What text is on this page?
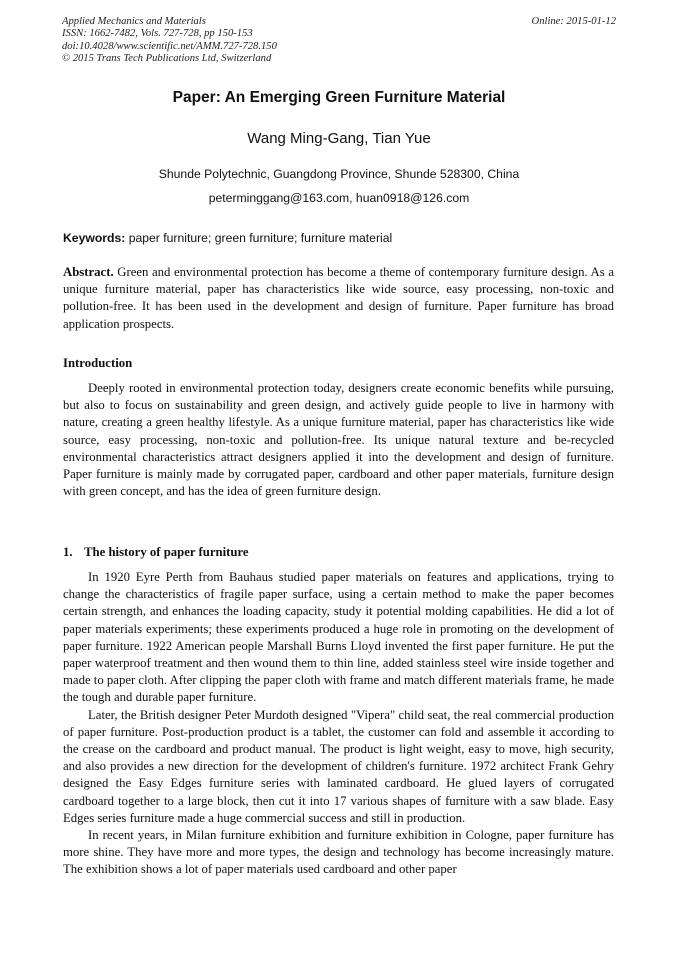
Applied Mechanics and Materials
ISSN: 1662-7482, Vols. 727-728, pp 150-153
doi:10.4028/www.scientific.net/AMM.727-728.150
© 2015 Trans Tech Publications Ltd, Switzerland
Online: 2015-01-12
Paper: An Emerging Green Furniture Material
Wang Ming-Gang, Tian Yue
Shunde Polytechnic, Guangdong Province, Shunde 528300, China
peterminggang@163.com, huan0918@126.com
Keywords: paper furniture; green furniture; furniture material

Abstract. Green and environmental protection has become a theme of contemporary furniture design. As a unique furniture material, paper has characteristics like wide source, easy processing, non-toxic and pollution-free. It has been used in the development and design of furniture. Paper furniture has broad application prospects.

Introduction

Deeply rooted in environmental protection today, designers create economic benefits while pursuing, but also to focus on sustainability and green design, and actively guide people to live in harmony with nature, creating a green healthy lifestyle. As a unique furniture material, paper has characteristics like wide source, easy processing, non-toxic and pollution-free. Its unique natural texture and be-recycled environmental characteristics attract designers applied it into the development and design of furniture. Paper furniture is mainly made by corrugated paper, cardboard and other paper materials, furniture design with green concept, and has the idea of green furniture design.

1. The history of paper furniture

In 1920 Eyre Perth from Bauhaus studied paper materials on features and applications, trying to change the characteristics of fragile paper surface, using a certain method to make the paper becomes certain strength, and enhances the loading capacity, study it potential molding capabilities. He did a lot of paper materials experiments; these experiments produced a huge role in promoting on the development of paper furniture. 1922 American people Marshall Burns Lloyd invented the first paper furniture. He put the paper waterproof treatment and then wound them to thin line, added stainless steel wire inside together and made to paper cloth. After clipping the paper cloth with frame and match different materials frame, he made the tough and durable paper furniture.

Later, the British designer Peter Murdoth designed "Vipera" child seat, the real commercial production of paper furniture. Post-production product is a tablet, the customer can fold and assemble it according to the crease on the cardboard and product manual. The product is light weight, easy to move, high security, and also provides a new direction for the development of children's furniture. 1972 architect Frank Gehry designed the Easy Edges furniture series with laminated cardboard. He glued layers of corrugated cardboard together to a large block, then cut it into 17 various shapes of furniture with a saw blade. Easy Edges series furniture made a huge commercial success and still in production.

In recent years, in Milan furniture exhibition and furniture exhibition in Cologne, paper furniture has more shine. They have more and more types, the design and technology has become increasingly mature. The exhibition shows a lot of paper materials used cardboard and other paper
